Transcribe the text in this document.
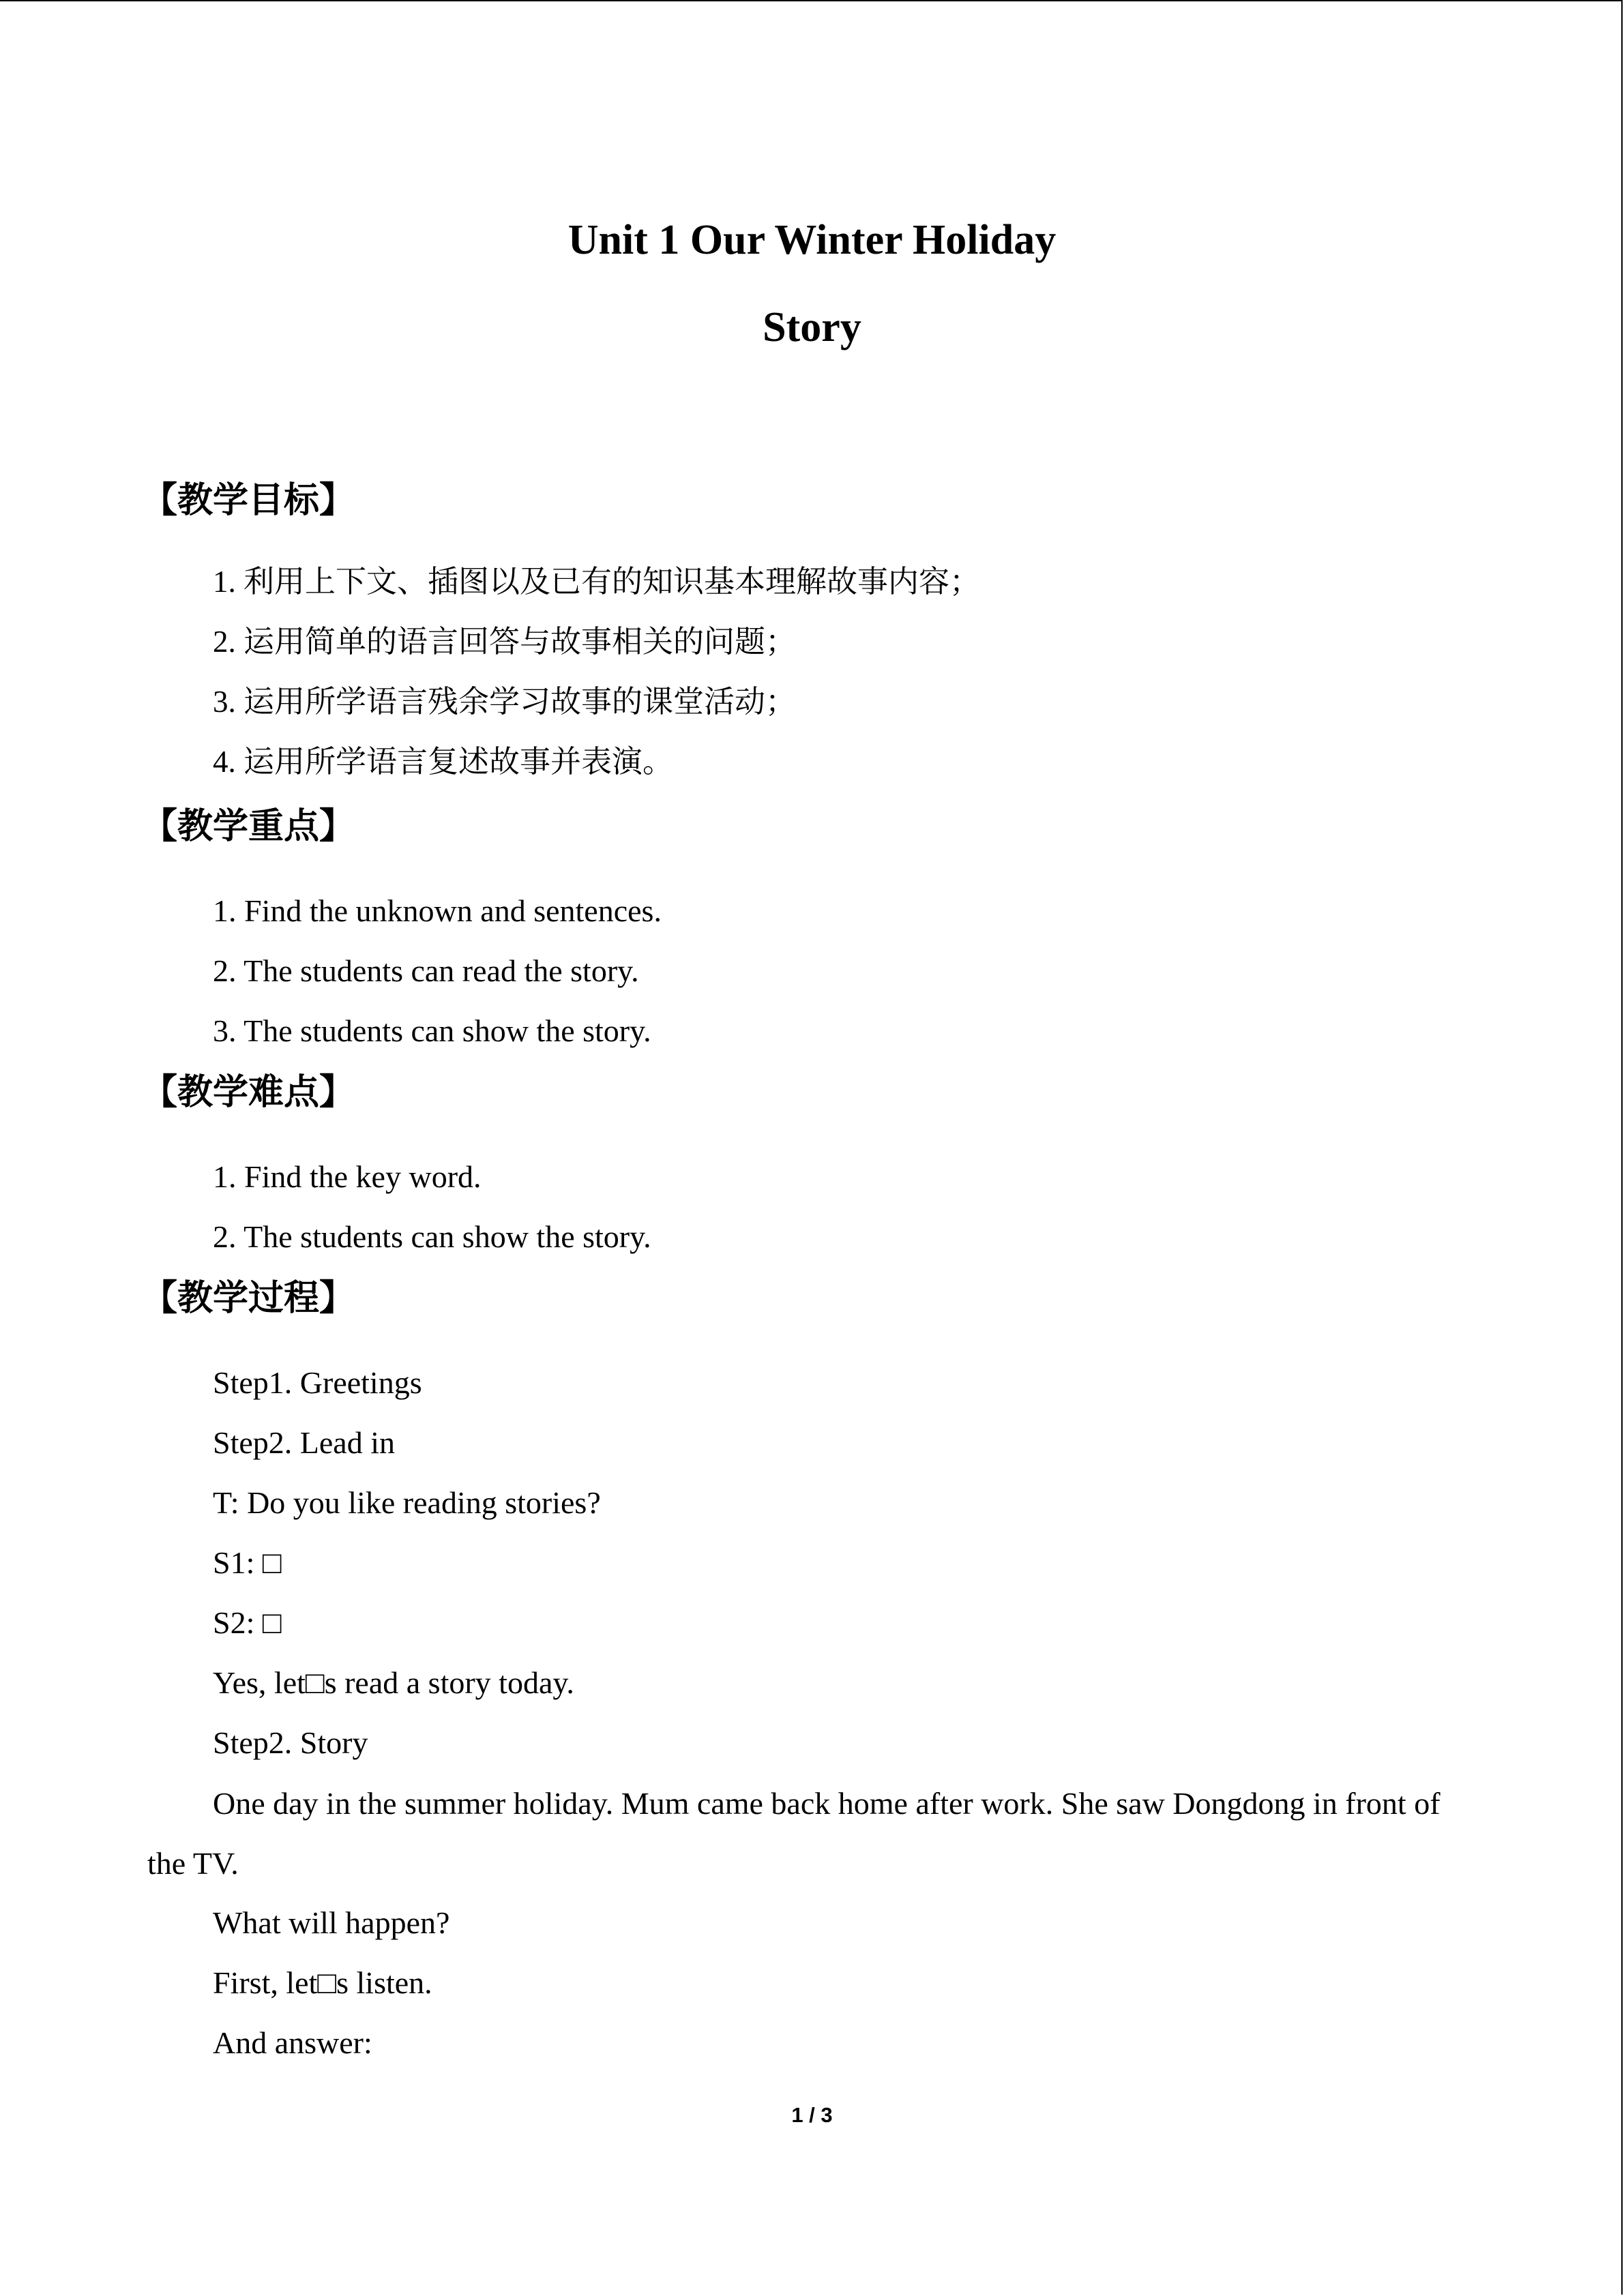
Unit 1 Our Winter Holiday
Story
【教学目标】
1. 利用上下文、插图以及已有的知识基本理解故事内容；
2. 运用简单的语言回答与故事相关的问题；
3. 运用所学语言残余学习故事的课堂活动；
4. 运用所学语言复述故事并表演。
【教学重点】
1. Find the unknown and sentences.
2. The students can read the story.
3. The students can show the story.
【教学难点】
1. Find the key word.
2. The students can show the story.
【教学过程】
Step1. Greetings
Step2. Lead in
T: Do you like reading stories?
S1: □
S2: □
Yes, let□s read a story today.
Step2. Story
One day in the summer holiday. Mum came back home after work. She saw Dongdong in front of the TV.
What will happen?
First, let□s listen.
And answer:
1 / 3
